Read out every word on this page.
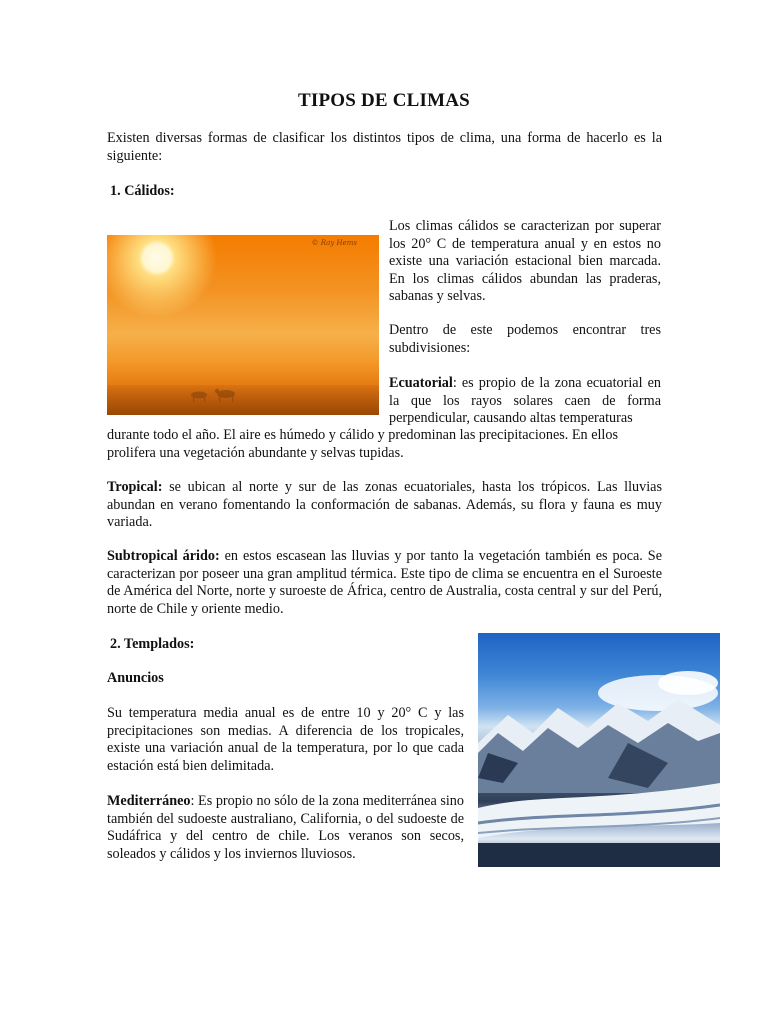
TIPOS DE CLIMAS

Existen diversas formas de clasificar los distintos tipos de clima, una forma de hacerlo es la siguiente:

1. Cálidos:

© Ray Hems

Los climas cálidos se caracterizan por superar los 20° C de temperatura anual y en estos no existe una variación estacional bien marcada. En los climas cálidos abundan las praderas, sabanas y selvas.

Dentro de este podemos encontrar tres subdivisiones:

Ecuatorial: es propio de la zona ecuatorial en la que los rayos solares caen de forma perpendicular, causando altas temperaturas

durante todo el año. El aire es húmedo y cálido y predominan las precipitaciones. En ellos prolifera una vegetación abundante y selvas tupidas.

Tropical: se ubican al norte y sur de las zonas ecuatoriales, hasta los trópicos. Las lluvias abundan en verano fomentando la conformación de sabanas. Además, su flora y fauna es muy variada.

Subtropical árido: en estos escasean las lluvias y por tanto la vegetación también es poca. Se caracterizan por poseer una gran amplitud térmica. Este tipo de clima se encuentra en el Suroeste de América del Norte, norte y suroeste de África, centro de Australia, costa central y sur del Perú, norte de Chile y oriente medio.

2. Templados:

Anuncios

Su temperatura media anual es de entre 10 y 20° C y las precipitaciones son medias. A diferencia de los tropicales, existe una variación anual de la temperatura, por lo que cada estación está bien delimitada.

Mediterráneo: Es propio no sólo de la zona mediterránea sino también del sudoeste australiano, California, o del sudoeste de Sudáfrica y del centro de chile. Los veranos son secos, soleados y cálidos y los inviernos lluviosos.
